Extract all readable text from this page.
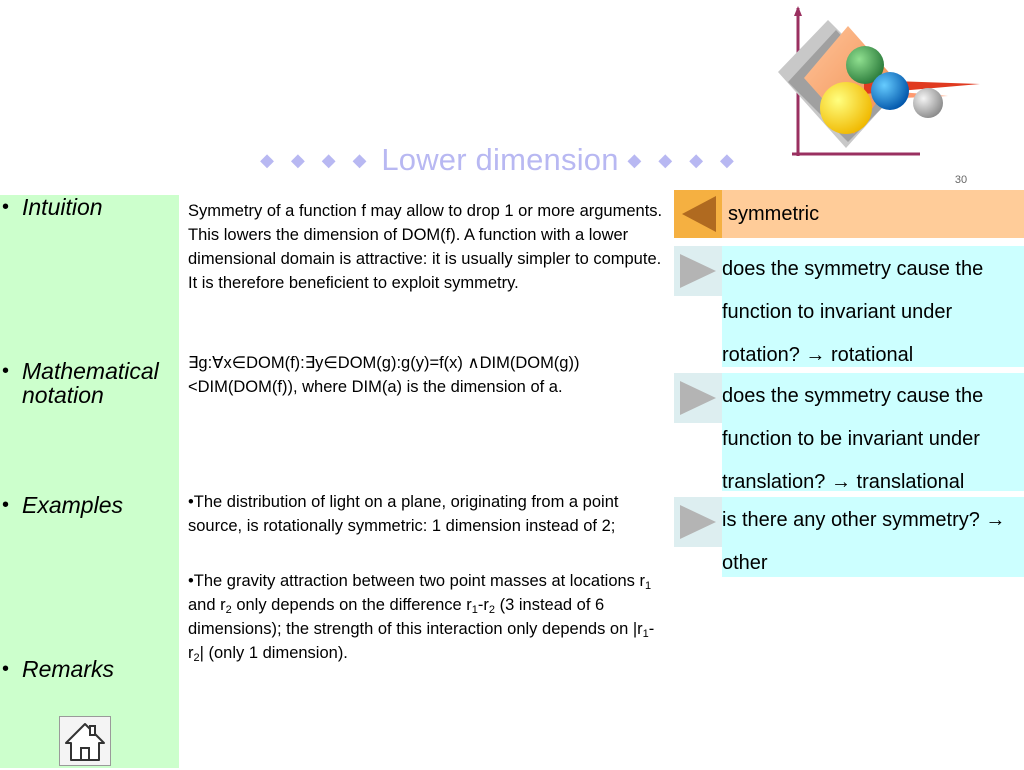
◆ ◆ ◆ ◆ Lower dimension ◆ ◆ ◆ ◆
30
• Intuition
• Mathematical notation
• Examples
• Remarks
Symmetry of a function f may allow to drop 1 or more arguments. This lowers the dimension of DOM(f). A function with a lower dimensional domain is attractive: it is usually simpler to compute. It is therefore beneficient to exploit symmetry.
∃g:∀x∈DOM(f):∃y∈DOM(g):g(y)=f(x) ∧DIM(DOM(g))<DIM(DOM(f)), where DIM(a) is the dimension of a.
•The distribution of light on a plane, originating from a point source, is rotationally symmetric: 1 dimension instead of 2;
•The gravity attraction between two point masses at locations $r_1$ and $r_2$ only depends on the difference $r_1-r_2$ (3 instead of 6 dimensions); the strength of this interaction only depends on $|r_1-r_2|$ (only 1 dimension).
symmetric
does the symmetry cause the function to invariant under rotation? → rotational
does the symmetry cause the function to be invariant under translation? → translational
is there any other symmetry? → other
